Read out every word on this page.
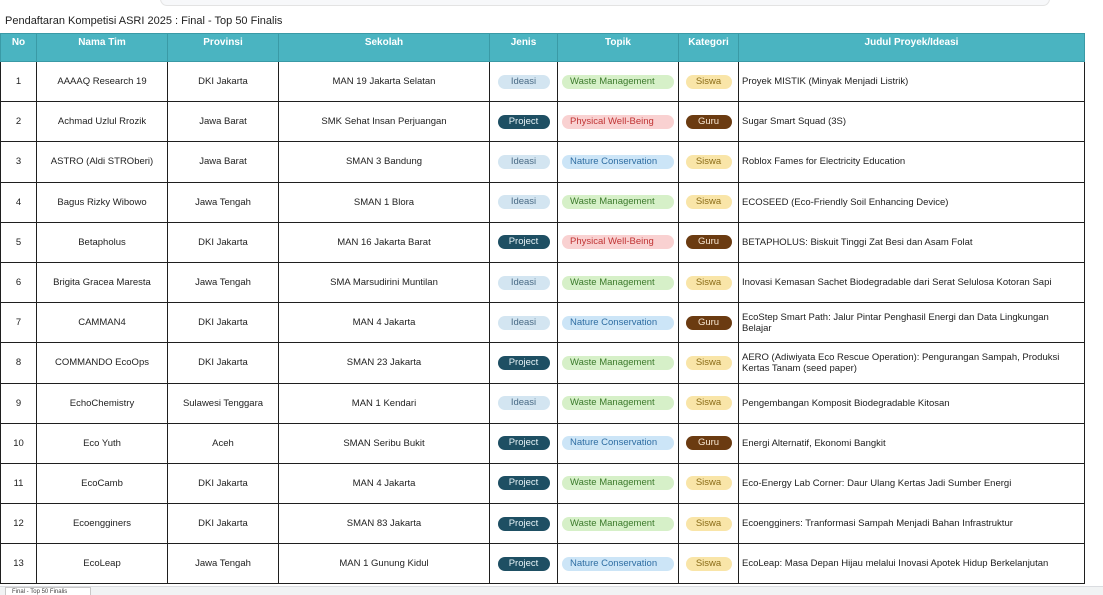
Pendaftaran Kompetisi ASRI 2025 : Final - Top 50 Finalis
No	Nama Tim	Provinsi	Sekolah	Jenis	Topik	Kategori	Judul Proyek/Ideasi
1	AAAAQ Research 19	DKI Jakarta	MAN 19 Jakarta Selatan	Ideasi	Waste Management	Siswa	Proyek MISTIK (Minyak Menjadi Listrik)
2	Achmad Uzlul Rrozik	Jawa Barat	SMK Sehat Insan Perjuangan	Project	Physical Well-Being	Guru	Sugar Smart Squad (3S)
3	ASTRO (Aldi STROberi)	Jawa Barat	SMAN 3 Bandung	Ideasi	Nature Conservation	Siswa	Roblox Fames for Electricity Education
4	Bagus Rizky Wibowo	Jawa Tengah	SMAN 1 Blora	Ideasi	Waste Management	Siswa	ECOSEED (Eco-Friendly Soil Enhancing Device)
5	Betapholus	DKI Jakarta	MAN 16 Jakarta Barat	Project	Physical Well-Being	Guru	BETAPHOLUS: Biskuit Tinggi Zat Besi dan Asam Folat
6	Brigita Gracea Maresta	Jawa Tengah	SMA Marsudirini Muntilan	Ideasi	Waste Management	Siswa	Inovasi Kemasan Sachet Biodegradable dari Serat Selulosa Kotoran Sapi
7	CAMMAN4	DKI Jakarta	MAN 4 Jakarta	Ideasi	Nature Conservation	Guru	EcoStep Smart Path: Jalur Pintar Penghasil Energi dan Data Lingkungan Belajar
8	COMMANDO EcoOps	DKI Jakarta	SMAN 23 Jakarta	Project	Waste Management	Siswa	AERO (Adiwiyata Eco Rescue Operation): Pengurangan Sampah, Produksi Kertas Tanam (seed paper)
9	EchoChemistry	Sulawesi Tenggara	MAN 1 Kendari	Ideasi	Waste Management	Siswa	Pengembangan Komposit Biodegradable Kitosan
10	Eco Yuth	Aceh	SMAN Seribu Bukit	Project	Nature Conservation	Guru	Energi Alternatif, Ekonomi Bangkit
11	EcoCamb	DKI Jakarta	MAN 4 Jakarta	Project	Waste Management	Siswa	Eco-Energy Lab Corner: Daur Ulang Kertas Jadi Sumber Energi
12	Ecoengginers	DKI Jakarta	SMAN 83 Jakarta	Project	Waste Management	Siswa	Ecoengginers: Tranformasi Sampah Menjadi Bahan Infrastruktur
13	EcoLeap	Jawa Tengah	MAN 1 Gunung Kidul	Project	Nature Conservation	Siswa	EcoLeap: Masa Depan Hijau melalui Inovasi Apotek Hidup Berkelanjutan
Final - Top 50 Finalis
